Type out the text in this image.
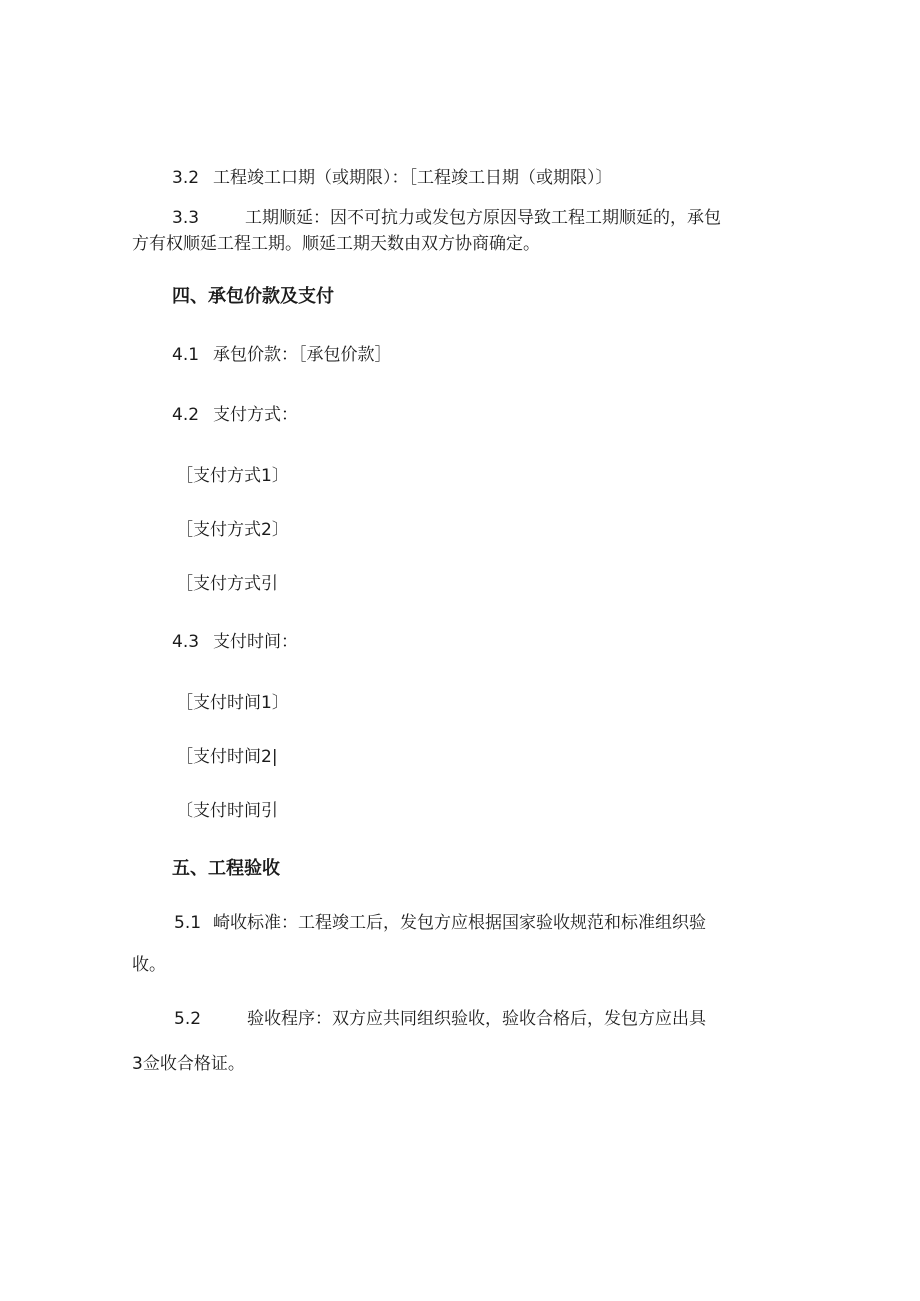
3.2 工程竣工口期（或期限）：［工程竣工日期（或期限）〕
3.3	工期顺延：因不可抗力或发包方原因导致工程工期顺延的，承包
方有权顺延工程工期。顺延工期天数由双方协商确定。
四、承包价款及支付
4.1 承包价款：［承包价款］
4.2 支付方式：
［支付方式1〕
［支付方式2〕
［支付方式引
4.3 支付时间：
［支付时间1〕
［支付时间2|
〔支付时间引
五、工程验收
5.1 崎收标准：工程竣工后，发包方应根据国家验收规范和标准组织验
收。
5.2	验收程序：双方应共同组织验收，验收合格后，发包方应出具
3佥收合格证。
